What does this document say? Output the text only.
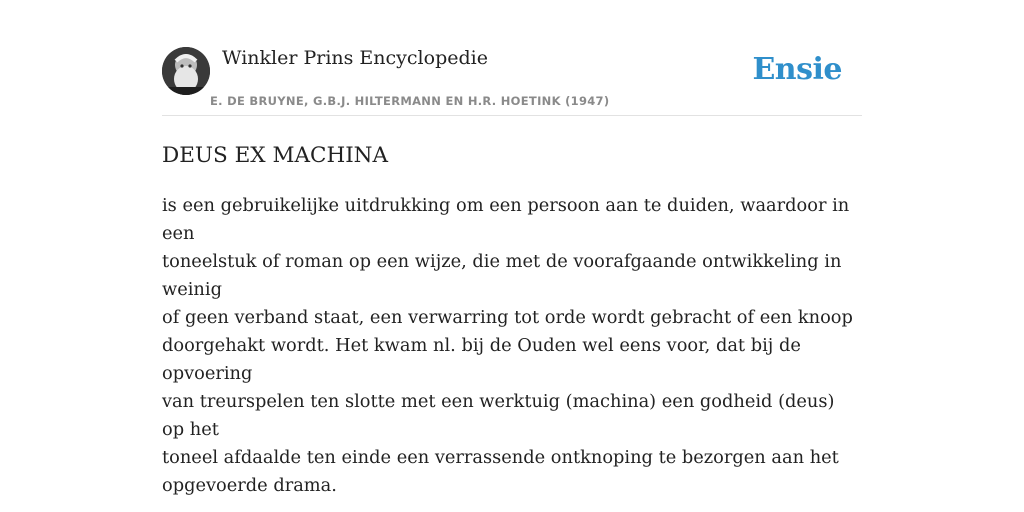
Winkler Prins Encyclopedie
E. DE BRUYNE, G.B.J. HILTERMANN EN H.R. HOETINK (1947)
Ensie
DEUS EX MACHINA
is een gebruikelijke uitdrukking om een persoon aan te duiden, waardoor in een
toneelstuk of roman op een wijze, die met de voorafgaande ontwikkeling in weinig
of geen verband staat, een verwarring tot orde wordt gebracht of een knoop
doorgehakt wordt. Het kwam nl. bij de Ouden wel eens voor, dat bij de opvoering
van treurspelen ten slotte met een werktuig (machina) een godheid (deus) op het
toneel afdaalde ten einde een verrassende ontknoping te bezorgen aan het
opgevoerde drama.
